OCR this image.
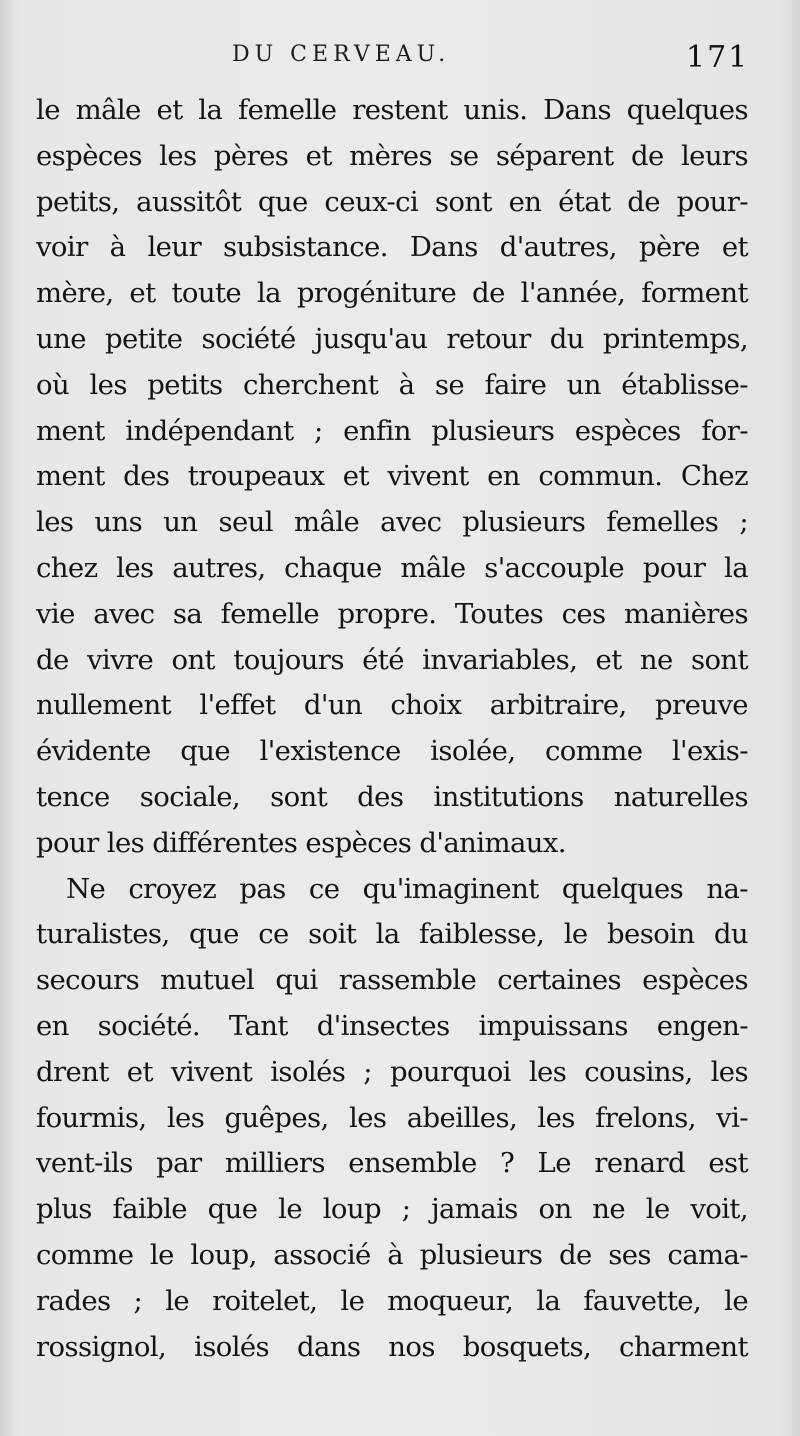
DU CERVEAU.	171
le mâle et la femelle restent unis. Dans quelques
espèces les pères et mères se séparent de leurs
petits, aussitôt que ceux-ci sont en état de pour-
voir à leur subsistance. Dans d'autres, père et
mère, et toute la progéniture de l'année, forment
une petite société jusqu'au retour du printemps,
où les petits cherchent à se faire un établisse-
ment indépendant ; enfin plusieurs espèces for-
ment des troupeaux et vivent en commun. Chez
les uns un seul mâle avec plusieurs femelles ;
chez les autres, chaque mâle s'accouple pour la
vie avec sa femelle propre. Toutes ces manières
de vivre ont toujours été invariables, et ne sont
nullement l'effet d'un choix arbitraire, preuve
évidente que l'existence isolée, comme l'exis-
tence sociale, sont des institutions naturelles
pour les différentes espèces d'animaux.
Ne croyez pas ce qu'imaginent quelques na-
turalistes, que ce soit la faiblesse, le besoin du
secours mutuel qui rassemble certaines espèces
en société. Tant d'insectes impuissans engen-
drent et vivent isolés ; pourquoi les cousins, les
fourmis, les guêpes, les abeilles, les frelons, vi-
vent-ils par milliers ensemble ? Le renard est
plus faible que le loup ; jamais on ne le voit,
comme le loup, associé à plusieurs de ses cama-
rades ; le roitelet, le moqueur, la fauvette, le
rossignol, isolés dans nos bosquets, charment
